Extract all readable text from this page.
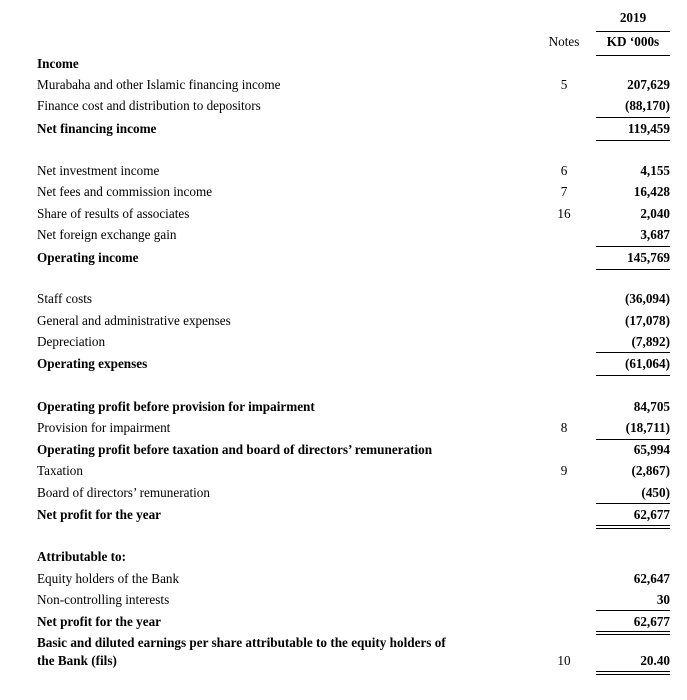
2019
Notes	KD ‘000s
Income
Murabaha and other Islamic financing income	5	207,629
Finance cost and distribution to depositors	(88,170)
Net financing income	119,459
Net investment income	6	4,155
Net fees and commission income	7	16,428
Share of results of associates	16	2,040
Net foreign exchange gain	3,687
Operating income	145,769
Staff costs	(36,094)
General and administrative expenses	(17,078)
Depreciation	(7,892)
Operating expenses	(61,064)
Operating profit before provision for impairment	84,705
Provision for impairment	8	(18,711)
Operating profit before taxation and board of directors’ remuneration	65,994
Taxation	9	(2,867)
Board of directors’ remuneration	(450)
Net profit for the year	62,677
Attributable to:
Equity holders of the Bank	62,647
Non-controlling interests	30
Net profit for the year	62,677
Basic and diluted earnings per share attributable to the equity holders of
the Bank (fils)	10	20.40
